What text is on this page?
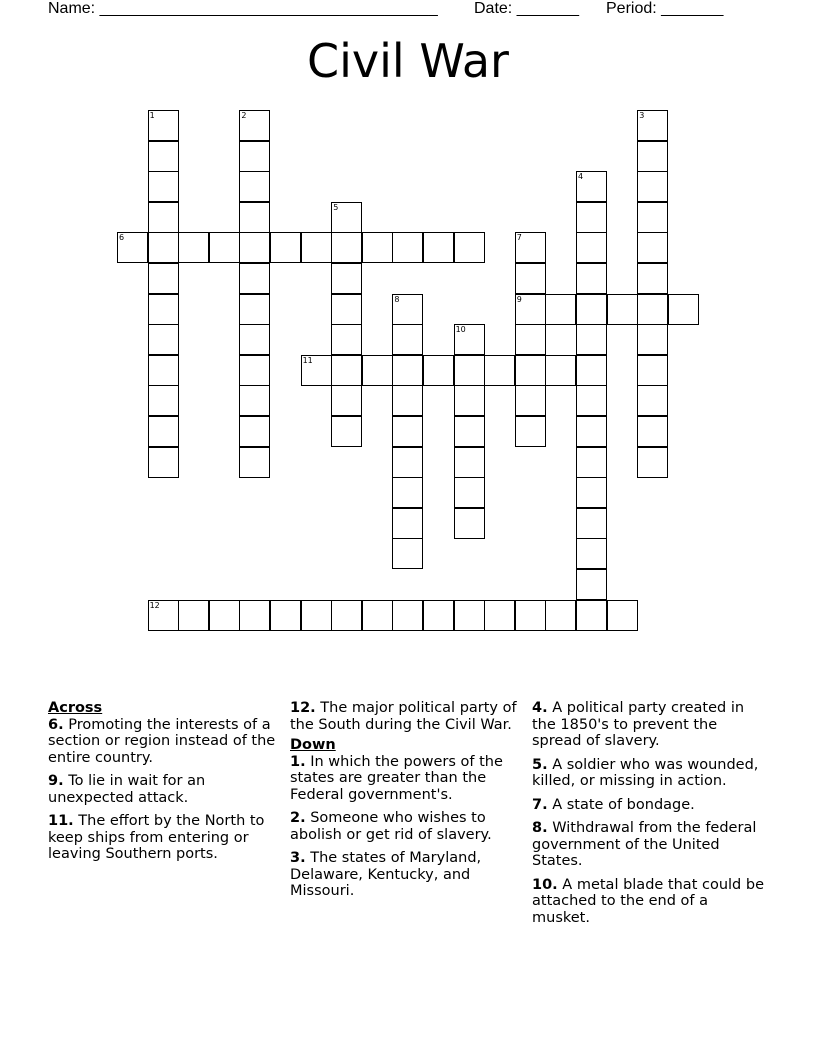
Name: ______________________________________ Date: _______ Period: _______
Civil War
1	2	3
4
5
6	7
8	9
10
11
12
Across
6. Promoting the interests of a section or region instead of the entire country.
9. To lie in wait for an unexpected attack.
11. The effort by the North to keep ships from entering or leaving Southern ports.
12. The major political party of the South during the Civil War.
Down
1. In which the powers of the states are greater than the Federal government's.
2. Someone who wishes to abolish or get rid of slavery.
3. The states of Maryland, Delaware, Kentucky, and Missouri.
4. A political party created in the 1850's to prevent the spread of slavery.
5. A soldier who was wounded, killed, or missing in action.
7. A state of bondage.
8. Withdrawal from the federal government of the United States.
10. A metal blade that could be attached to the end of a musket.
